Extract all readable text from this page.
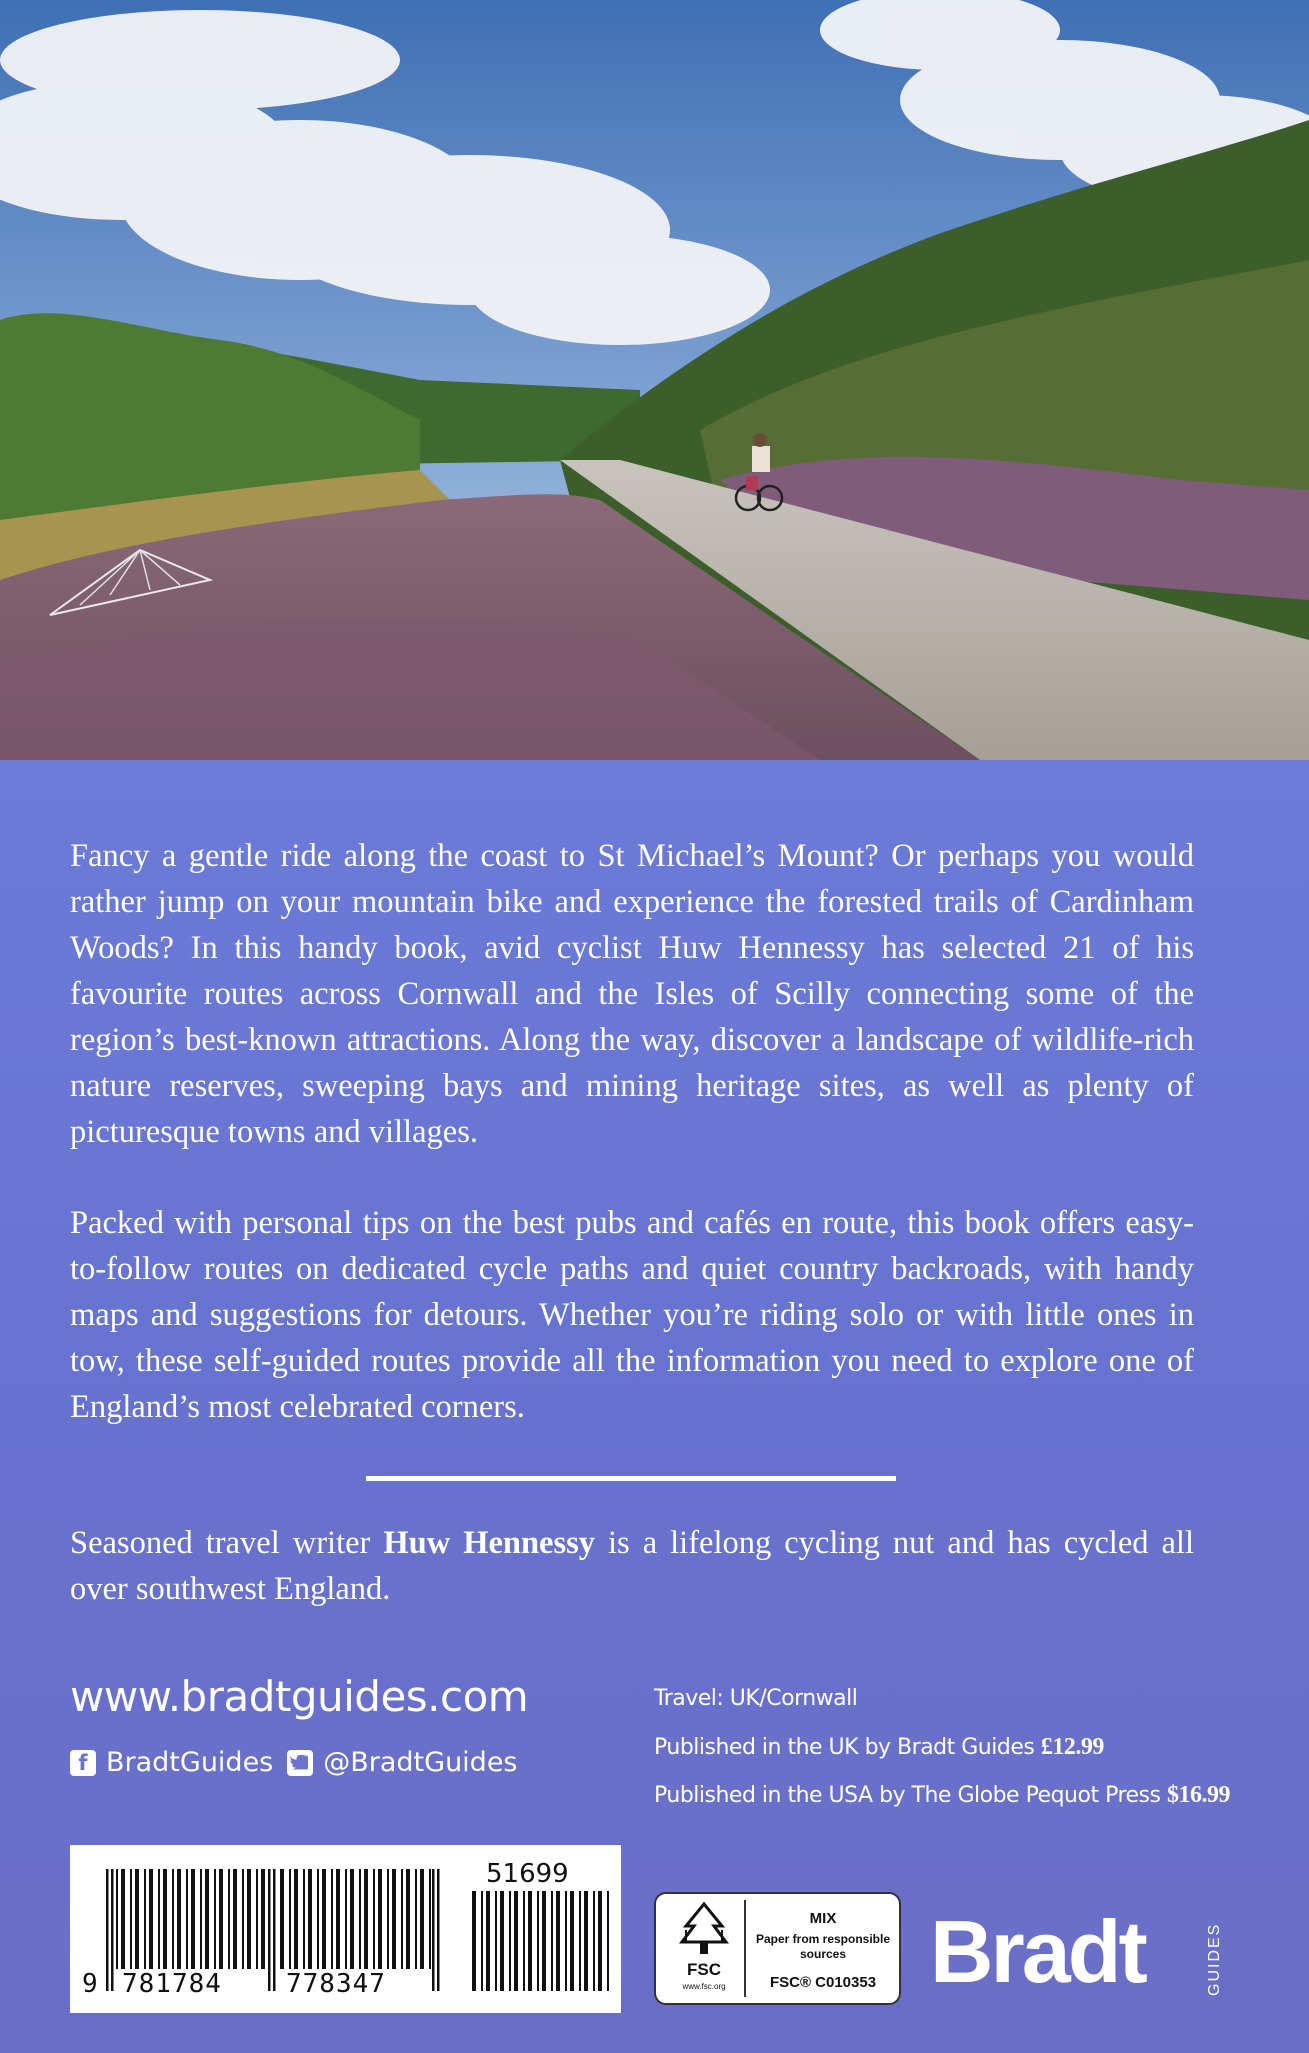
Fancy a gentle ride along the coast to St Michael’s Mount? Or perhaps you would rather jump on your mountain bike and experience the forested trails of Cardinham Woods? In this handy book, avid cyclist Huw Hennessy has selected 21 of his favourite routes across Cornwall and the Isles of Scilly connecting some of the region’s best-known attractions. Along the way, discover a landscape of wildlife-rich nature reserves, sweeping bays and mining heritage sites, as well as plenty of picturesque towns and villages.

Packed with personal tips on the best pubs and cafés en route, this book offers easy-to-follow routes on dedicated cycle paths and quiet country backroads, with handy maps and suggestions for detours. Whether you’re riding solo or with little ones in tow, these self-guided routes provide all the information you need to explore one of England’s most celebrated corners.

Seasoned travel writer Huw Hennessy is a lifelong cycling nut and has cycled all over southwest England.

www.bradtguides.com
f BradtGuides @BradtGuides
Travel: UK/Cornwall
Published in the UK by Bradt Guides £12.99
Published in the USA by The Globe Pequot Press $16.99
9 781784 778347
51699
FSC
www.fsc.org
MIX
Paper from responsible sources
FSC® C010353 Bradt	GUIDES
